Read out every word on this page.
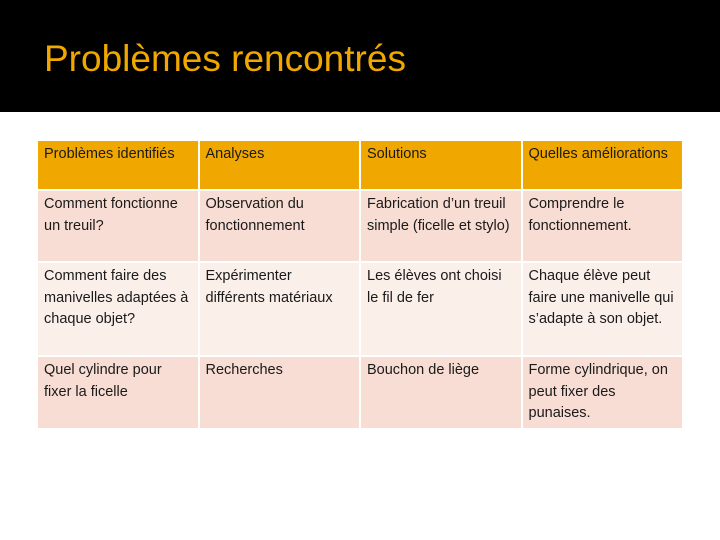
Problèmes rencontrés
Problèmes identifiés	Analyses	Solutions	Quelles améliorations
Comment fonctionne un treuil?	Observation du fonctionnement	Fabrication d’un treuil simple (ficelle et stylo)	Comprendre le fonctionnement.
Comment faire des manivelles adaptées à chaque objet?	Expérimenter différents matériaux	Les élèves ont choisi le fil de fer	Chaque élève peut faire une manivelle qui s’adapte à son objet.
Quel cylindre pour fixer la ficelle	Recherches	Bouchon de liège	Forme cylindrique, on peut fixer des punaises.
